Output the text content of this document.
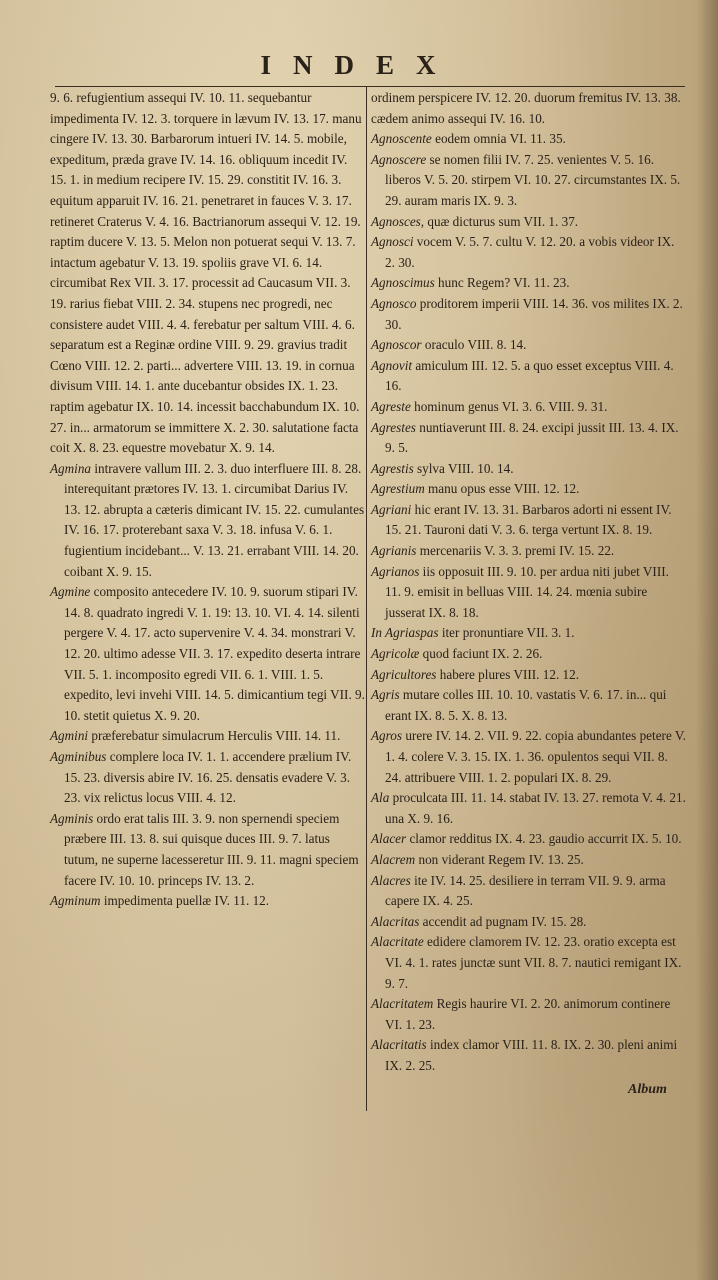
INDEX

9. 6. refugientium assequi IV. 10. 11. sequebantur impedimenta IV. 12. 3. torquere in lævum IV. 13. 17. manu cingere IV. 13. 30. Barbarorum intueri IV. 14. 5. mobile, expeditum, præda grave IV. 14. 16. obliquum incedit IV. 15. 1. in medium recipere IV. 15. 29. constitit IV. 16. 3. equitum apparuit IV. 16. 21. penetraret in fauces V. 3. 17. retineret Craterus V. 4. 16. Bactrianorum assequi V. 12. 19. raptim ducere V. 13. 5. Melon non potuerat sequi V. 13. 7. intactum agebatur V. 13. 19. spoliis grave VI. 6. 14. circumibat Rex VII. 3. 17. processit ad Caucasum VII. 3. 19. rarius fiebat VIII. 2. 34. stupens nec progredi, nec consistere audet VIII. 4. 4. ferebatur per saltum VIII. 4. 6. separatum est a Reginæ ordine VIII. 9. 29. gravius tradit Cœno VIII. 12. 2. parti... advertere VIII. 13. 19. in cornua divisum VIII. 14. 1. ante ducebantur obsides IX. 1. 23. raptim agebatur IX. 10. 14. incessit bacchabundum IX. 10. 27. in... armatorum se immittere X. 2. 30. salutatione facta coit X. 8. 23. equestre movebatur X. 9. 14.

Agmina intravere vallum III. 2. 3. duo interfluere III. 8. 28. interequitant prætores IV. 13. 1. circumibat Darius IV. 13. 12. abrupta a cæteris dimicant IV. 15. 22. cumulantes IV. 16. 17. proterebant saxa V. 3. 18. infusa V. 6. 1. fugientium incidebant... V. 13. 21. errabant VIII. 14. 20. coibant X. 9. 15.

Agmine composito antecedere IV. 10. 9. suorum stipari IV. 14. 8. quadrato ingredi V. 1. 19: 13. 10. VI. 4. 14. silenti pergere V. 4. 17. acto supervenire V. 4. 34. monstrari V. 12. 20. ultimo adesse VII. 3. 17. expedito deserta intrare VII. 5. 1. incomposito egredi VII. 6. 1. VIII. 1. 5. expedito, levi invehi VIII. 14. 5. dimicantium tegi VII. 9. 10. stetit quietus X. 9. 20.

Agmini præferebatur simulacrum Herculis VIII. 14. 11.

Agminibus complere loca IV. 1. 1. accendere prælium IV. 15. 23. diversis abire IV. 16. 25. densatis evadere V. 3. 23. vix relictus locus VIII. 4. 12.

Agminis ordo erat talis III. 3. 9. non spernendi speciem præbere III. 13. 8. sui quisque duces III. 9. 7. latus tutum, ne superne lacesseretur III. 9. 11. magni speciem facere IV. 10. 10. princeps IV. 13. 2.

Agminum impedimenta puellæ IV. 11. 12.

ordinem perspicere IV. 12. 20. duorum fremitus IV. 13. 38. cædem animo assequi IV. 16. 10.

Agnoscente eodem omnia VI. 11. 35.

Agnoscere se nomen filii IV. 7. 25. venientes V. 5. 16. liberos V. 5. 20. stirpem VI. 10. 27. circumstantes IX. 5. 29. auram maris IX. 9. 3.

Agnosces, quæ dicturus sum VII. 1. 37.

Agnosci vocem V. 5. 7. cultu V. 12. 20. a vobis videor IX. 2. 30.

Agnoscimus hunc Regem? VI. 11. 23.

Agnosco proditorem imperii VIII. 14. 36. vos milites IX. 2. 30.

Agnoscor oraculo VIII. 8. 14.

Agnovit amiculum III. 12. 5. a quo esset exceptus VIII. 4. 16.

Agreste hominum genus VI. 3. 6. VIII. 9. 31.

Agrestes nuntiaverunt III. 8. 24. excipi jussit III. 13. 4. IX. 9. 5.

Agrestis sylva VIII. 10. 14.

Agrestium manu opus esse VIII. 12. 12.

Agriani hic erant IV. 13. 31. Barbaros adorti ni essent IV. 15. 21. Tauroni dati V. 3. 6. terga vertunt IX. 8. 19.

Agrianis mercenariis V. 3. 3. premi IV. 15. 22.

Agrianos iis opposuit III. 9. 10. per ardua niti jubet VIII. 11. 9. emisit in belluas VIII. 14. 24. mœnia subire jusserat IX. 8. 18.

In Agriaspas iter pronuntiare VII. 3. 1.

Agricolæ quod faciunt IX. 2. 26.

Agricultores habere plures VIII. 12. 12.

Agris mutare colles III. 10. 10. vastatis V. 6. 17. in... qui erant IX. 8. 5. X. 8. 13.

Agros urere IV. 14. 2. VII. 9. 22. copia abundantes petere V. 1. 4. colere V. 3. 15. IX. 1. 36. opulentos sequi VII. 8. 24. attribuere VIII. 1. 2. populari IX. 8. 29.

Ala proculcata III. 11. 14. stabat IV. 13. 27. remota V. 4. 21. una X. 9. 16.

Alacer clamor redditus IX. 4. 23. gaudio accurrit IX. 5. 10.

Alacrem non viderant Regem IV. 13. 25.

Alacres ite IV. 14. 25. desiliere in terram VII. 9. 9. arma capere IX. 4. 25.

Alacritas accendit ad pugnam IV. 15. 28.

Alacritate edidere clamorem IV. 12. 23. oratio excepta est VI. 4. 1. rates junctæ sunt VII. 8. 7. nautici remigant IX. 9. 7.

Alacritatem Regis haurire VI. 2. 20. animorum continere VI. 1. 23.

Alacritatis index clamor VIII. 11. 8. IX. 2. 30. pleni animi IX. 2. 25.

Album
